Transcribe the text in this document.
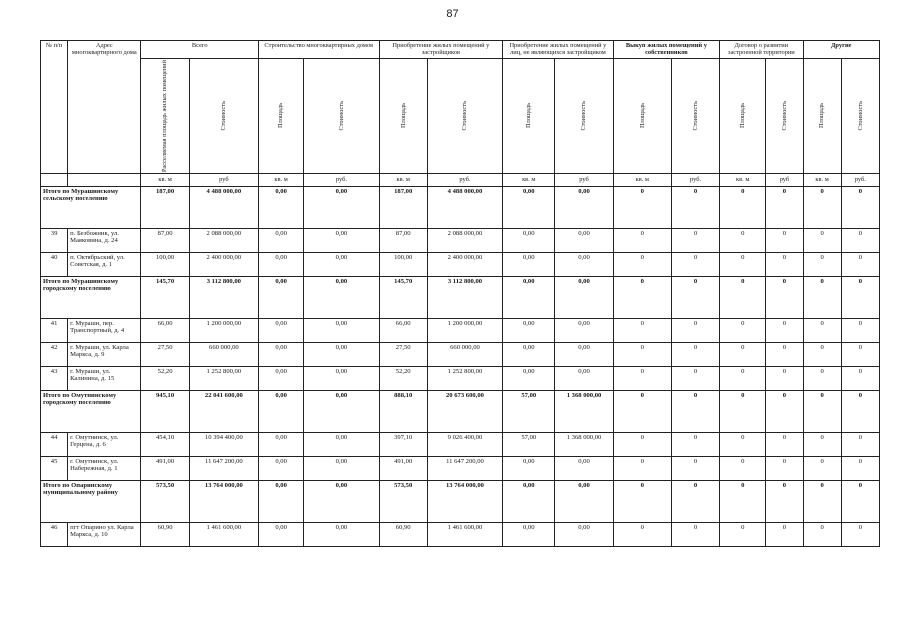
87
№ п/п	Адрес многоквартирного дома	Всего		Строительство многоквартирных домов		Приобретение жилых помещений у застройщиков		Приобретение жилых помещений у лиц, не являющихся застройщиком		Выкуп жилых помещений у собственников		Договор о развитии застроенной территории		Другие	

		Расселяемая площадь жилых помещений	Стоимость	Площадь	Стоимость	Площадь	Стоимость	Площадь	Стоимость	Площадь	Стоимость	Площадь	Стоимость	Площадь	Стоимость

		кв. м	руб	кв. м	руб.	кв. м	руб.	кв. м	руб	кв. м	руб.	кв. м	руб	кв. м	руб.
Итого по Мурашинскому сельскому поселению		187,00	4 488 000,00	0,00	0,00	187,00	4 488 000,00	0,00	0,00	0	0	0	0	0	0
39	п. Безбожник, ул. Маяковина, д. 24	87,00	2 088 000,00	0,00	0,00	87,00	2 088 000,00	0,00	0,00	0	0	0	0	0	0
40	п. Октябрьский, ул. Советская, д. 1	100,00	2 400 000,00	0,00	0,00	100,00	2 400 000,00	0,00	0,00	0	0	0	0	0	0
Итого по Мурашинскому городскому поселению		145,70	3 112 800,00	0,00	0,00	145,70	3 112 800,00	0,00	0,00	0	0	0	0	0	0
41	г. Мураши, пер. Транспортный, д. 4	66,00	1 200 000,00	0,00	0,00	66,00	1 200 000,00	0,00	0,00	0	0	0	0	0	0
42	г. Мураши, ул. Карла Маркса, д. 9	27,50	660 000,00	0,00	0,00	27,50	660 000,00	0,00	0,00	0	0	0	0	0	0
43	г. Мураши, ул. Калинина, д. 15	52,20	1 252 800,00	0,00	0,00	52,20	1 252 800,00	0,00	0,00	0	0	0	0	0	0
Итого по Омутнинскому городскому поселению		945,10	22 041 600,00	0,00	0,00	888,10	20 673 600,00	57,00	1 368 000,00	0	0	0	0	0	0
44	г. Омутнинск, ул. Герцена, д. 6	454,10	10 394 400,00	0,00	0,00	397,10	9 026 400,00	57,00	1 368 000,00	0	0	0	0	0	0
45	г. Омутнинск, ул. Набережная, д. 1	491,00	11 647 200,00	0,00	0,00	491,00	11 647 200,00	0,00	0,00	0	0	0	0	0	0
Итого по Опаринскому муниципальному району		573,50	13 764 000,00	0,00	0,00	573,50	13 764 000,00	0,00	0,00	0	0	0	0	0	0
46	пгт Опарино ул. Карла Маркса, д. 10	60,90	1 461 600,00	0,00	0,00	60,90	1 461 600,00	0,00	0,00	0	0	0	0	0	0
